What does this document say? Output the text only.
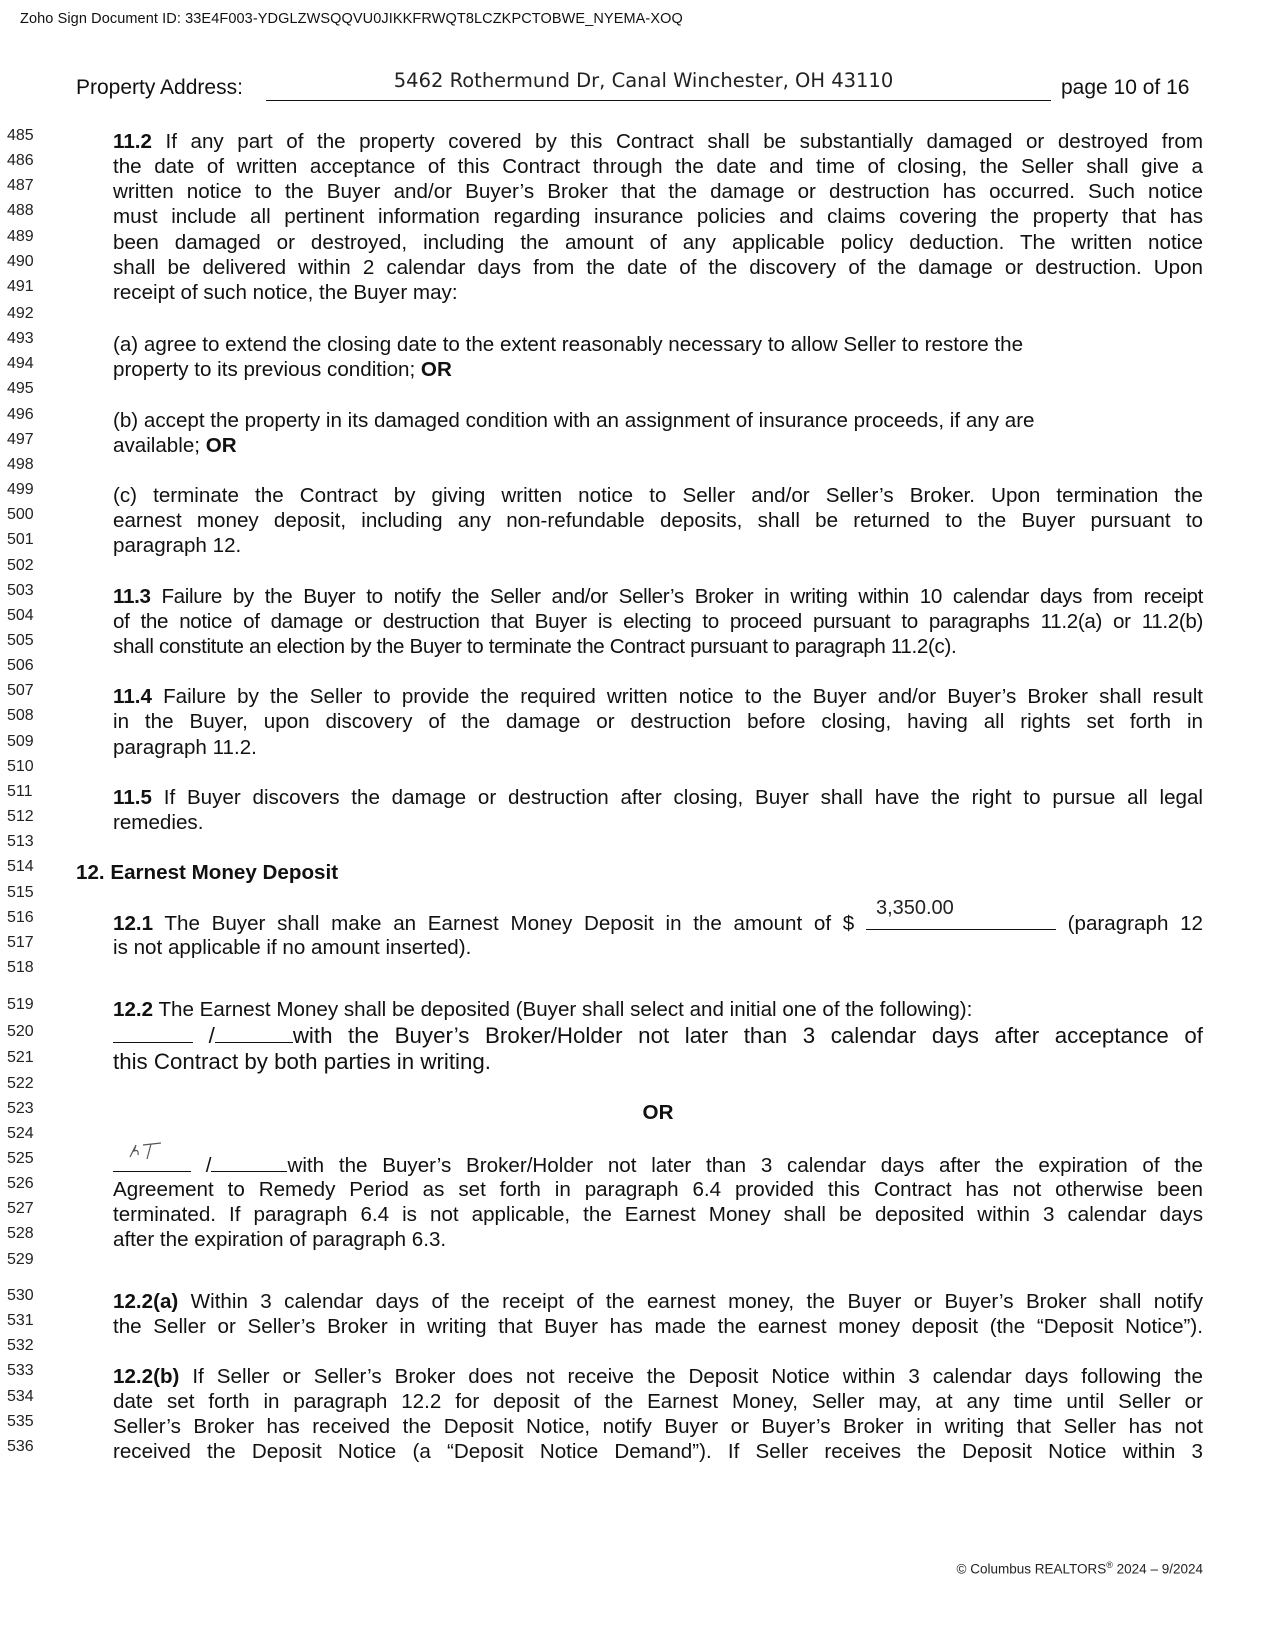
Zoho Sign Document ID: 33E4F003-YDGLZWSQQVU0JIKKFRWQT8LCZKPCTOBWE_NYEMA-XOQ
Property Address:	5462 Rothermund Dr, Canal Winchester, OH 43110	page 10 of 16
485
486
487
488
489
490
491
492
493
494
495
496
497
498
499
500
501
502
503
504
505
506
507
508
509
510
511
512
513
514
515
516
517
518
519
520
521
522
523
524
525
526
527
528
529
530
531
532
533
534
535
536
11.2 If any part of the property covered by this Contract shall be substantially damaged or destroyed from
the date of written acceptance of this Contract through the date and time of closing, the Seller shall give a
written notice to the Buyer and/or Buyer’s Broker that the damage or destruction has occurred. Such notice
must include all pertinent information regarding insurance policies and claims covering the property that has
been damaged or destroyed, including the amount of any applicable policy deduction. The written notice
shall be delivered within 2 calendar days from the date of the discovery of the damage or destruction. Upon
receipt of such notice, the Buyer may:
(a) agree to extend the closing date to the extent reasonably necessary to allow Seller to restore the
property to its previous condition; OR
(b) accept the property in its damaged condition with an assignment of insurance proceeds, if any are
available; OR
(c) terminate the Contract by giving written notice to Seller and/or Seller’s Broker. Upon termination the
earnest money deposit, including any non-refundable deposits, shall be returned to the Buyer pursuant to
paragraph 12.
11.3 Failure by the Buyer to notify the Seller and/or Seller’s Broker in writing within 10 calendar days from receipt
of the notice of damage or destruction that Buyer is electing to proceed pursuant to paragraphs 11.2(a) or 11.2(b)
shall constitute an election by the Buyer to terminate the Contract pursuant to paragraph 11.2(c).
11.4 Failure by the Seller to provide the required written notice to the Buyer and/or Buyer’s Broker shall result
in the Buyer, upon discovery of the damage or destruction before closing, having all rights set forth in
paragraph 11.2.
11.5 If Buyer discovers the damage or destruction after closing, Buyer shall have the right to pursue all legal
remedies.
12. Earnest Money Deposit
12.1 The Buyer shall make an Earnest Money Deposit in the amount of $
3,350.00
(paragraph 12
is not applicable if no amount inserted).
12.2 The Earnest Money shall be deposited (Buyer shall select and initial one of the following):
/	with the Buyer’s Broker/Holder not later than 3 calendar days after acceptance of
this Contract by both parties in writing.
OR
/	with the Buyer’s Broker/Holder not later than 3 calendar days after the expiration of the
Agreement to Remedy Period as set forth in paragraph 6.4 provided this Contract has not otherwise been
terminated. If paragraph 6.4 is not applicable, the Earnest Money shall be deposited within 3 calendar days
after the expiration of paragraph 6.3.
12.2(a) Within 3 calendar days of the receipt of the earnest money, the Buyer or Buyer’s Broker shall notify
the Seller or Seller’s Broker in writing that Buyer has made the earnest money deposit (the “Deposit Notice”).
12.2(b) If Seller or Seller’s Broker does not receive the Deposit Notice within 3 calendar days following the
date set forth in paragraph 12.2 for deposit of the Earnest Money, Seller may, at any time until Seller or
Seller’s Broker has received the Deposit Notice, notify Buyer or Buyer’s Broker in writing that Seller has not
received the Deposit Notice (a “Deposit Notice Demand”). If Seller receives the Deposit Notice within 3
© Columbus REALTORS® 2024 – 9/2024
